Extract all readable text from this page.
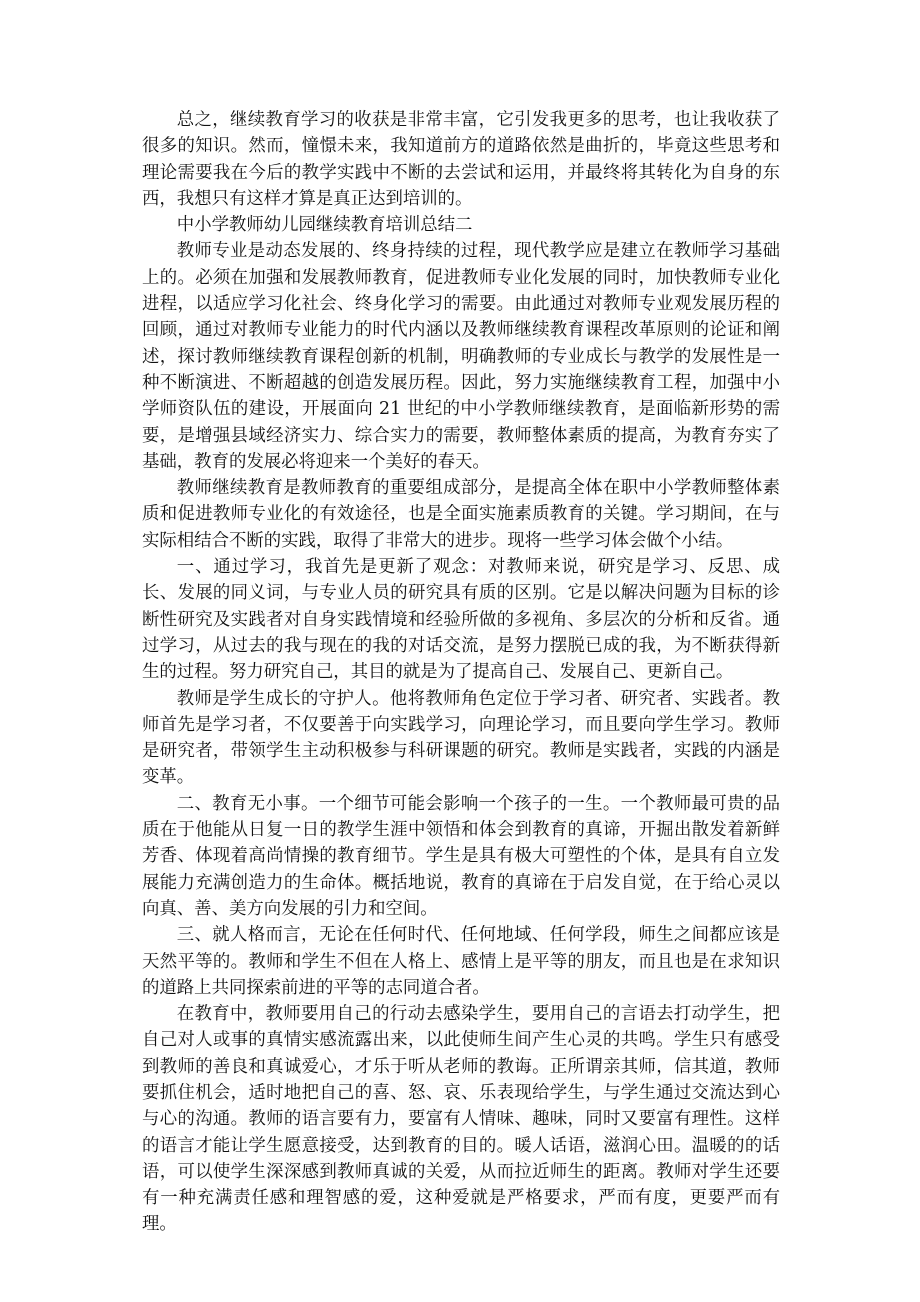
总之，继续教育学习的收获是非常丰富，它引发我更多的思考，也让我收获了很多的知识。然而，憧憬未来，我知道前方的道路依然是曲折的，毕竟这些思考和理论需要我在今后的教学实践中不断的去尝试和运用，并最终将其转化为自身的东西，我想只有这样才算是真正达到培训的。

中小学教师幼儿园继续教育培训总结二

教师专业是动态发展的、终身持续的过程，现代教学应是建立在教师学习基础上的。必须在加强和发展教师教育，促进教师专业化发展的同时，加快教师专业化进程，以适应学习化社会、终身化学习的需要。由此通过对教师专业观发展历程的回顾，通过对教师专业能力的时代内涵以及教师继续教育课程改革原则的论证和阐述，探讨教师继续教育课程创新的机制，明确教师的专业成长与教学的发展性是一种不断演进、不断超越的创造发展历程。因此，努力实施继续教育工程，加强中小学师资队伍的建设，开展面向 21 世纪的中小学教师继续教育，是面临新形势的需要，是增强县域经济实力、综合实力的需要，教师整体素质的提高，为教育夯实了基础，教育的发展必将迎来一个美好的春天。

教师继续教育是教师教育的重要组成部分，是提高全体在职中小学教师整体素质和促进教师专业化的有效途径，也是全面实施素质教育的关键。学习期间，在与实际相结合不断的实践，取得了非常大的进步。现将一些学习体会做个小结。

一、通过学习，我首先是更新了观念：对教师来说，研究是学习、反思、成长、发展的同义词，与专业人员的研究具有质的区别。它是以解决问题为目标的诊断性研究及实践者对自身实践情境和经验所做的多视角、多层次的分析和反省。通过学习，从过去的我与现在的我的对话交流，是努力摆脱已成的我，为不断获得新生的过程。努力研究自己，其目的就是为了提高自己、发展自己、更新自己。

教师是学生成长的守护人。他将教师角色定位于学习者、研究者、实践者。教师首先是学习者，不仅要善于向实践学习，向理论学习，而且要向学生学习。教师是研究者，带领学生主动积极参与科研课题的研究。教师是实践者，实践的内涵是变革。

二、教育无小事。一个细节可能会影响一个孩子的一生。一个教师最可贵的品质在于他能从日复一日的教学生涯中领悟和体会到教育的真谛，开掘出散发着新鲜芳香、体现着高尚情操的教育细节。学生是具有极大可塑性的个体，是具有自立发展能力充满创造力的生命体。概括地说，教育的真谛在于启发自觉，在于给心灵以向真、善、美方向发展的引力和空间。

三、就人格而言，无论在任何时代、任何地域、任何学段，师生之间都应该是天然平等的。教师和学生不但在人格上、感情上是平等的朋友，而且也是在求知识的道路上共同探索前进的平等的志同道合者。

在教育中，教师要用自己的行动去感染学生，要用自己的言语去打动学生，把自己对人或事的真情实感流露出来，以此使师生间产生心灵的共鸣。学生只有感受到教师的善良和真诚爱心，才乐于听从老师的教诲。正所谓亲其师，信其道，教师要抓住机会，适时地把自己的喜、怒、哀、乐表现给学生，与学生通过交流达到心与心的沟通。教师的语言要有力，要富有人情味、趣味，同时又要富有理性。这样的语言才能让学生愿意接受，达到教育的目的。暖人话语，滋润心田。温暖的的话语，可以使学生深深感到教师真诚的关爱，从而拉近师生的距离。教师对学生还要有一种充满责任感和理智感的爱，这种爱就是严格要求，严而有度，更要严而有理。
